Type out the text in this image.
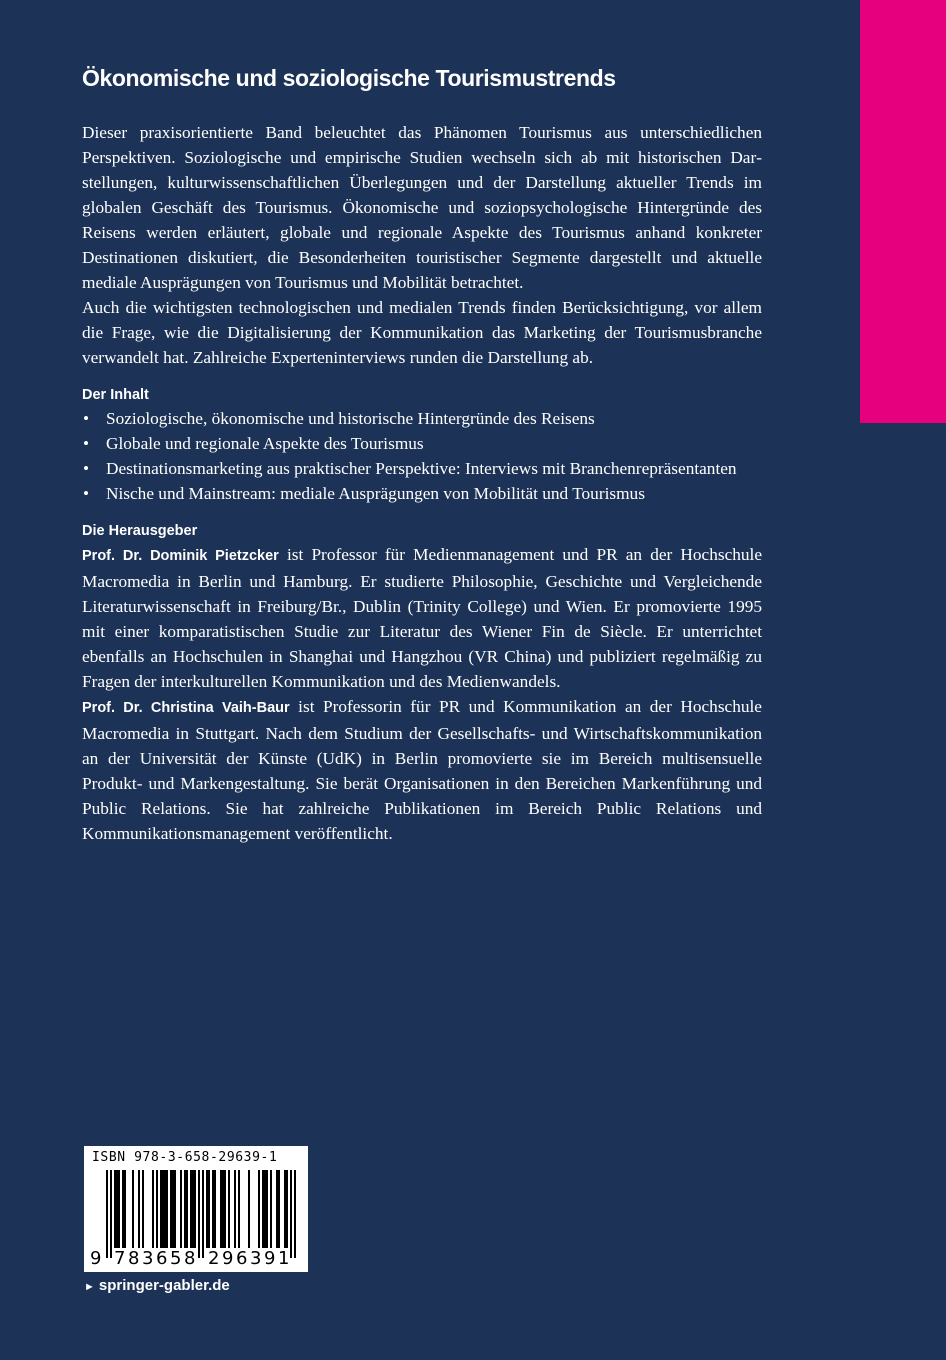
Ökonomische und soziologische Tourismustrends

Dieser praxisorientierte Band beleuchtet das Phänomen Tourismus aus unterschiedlichen Perspektiven. Soziologische und empirische Studien wechseln sich ab mit historischen Darstellungen, kulturwissenschaftlichen Überlegungen und der Darstellung aktueller Trends im globalen Geschäft des Tourismus. Ökonomische und soziopsychologische Hintergründe des Reisens werden erläutert, globale und regionale Aspekte des Tourismus anhand konkreter Destinationen diskutiert, die Besonderheiten touristischer Segmente dargestellt und aktuelle mediale Ausprägungen von Tourismus und Mobilität betrachtet.

Auch die wichtigsten technologischen und medialen Trends finden Berücksichtigung, vor allem die Frage, wie die Digitalisierung der Kommunikation das Marketing der Tourismusbranche verwandelt hat. Zahlreiche Experteninterviews runden die Darstellung ab.

Der Inhalt
• Soziologische, ökonomische und historische Hintergründe des Reisens
• Globale und regionale Aspekte des Tourismus
• Destinationsmarketing aus praktischer Perspektive: Interviews mit Branchenrepräsentanten
• Nische und Mainstream: mediale Ausprägungen von Mobilität und Tourismus
Die Herausgeber

Prof. Dr. Dominik Pietzcker ist Professor für Medienmanagement und PR an der Hochschule Macromedia in Berlin und Hamburg. Er studierte Philosophie, Geschichte und Vergleichende Literaturwissenschaft in Freiburg/Br., Dublin (Trinity College) und Wien. Er promovierte 1995 mit einer komparatistischen Studie zur Literatur des Wiener Fin de Siècle. Er unterrichtet ebenfalls an Hochschulen in Shanghai und Hangzhou (VR China) und publiziert regelmäßig zu Fragen der interkulturellen Kommunikation und des Medienwandels.

Prof. Dr. Christina Vaih-Baur ist Professorin für PR und Kommunikation an der Hochschule Macromedia in Stuttgart. Nach dem Studium der Gesellschafts- und Wirtschaftskommunikation an der Universität der Künste (UdK) in Berlin promovierte sie im Bereich multisensuelle Produkt- und Markengestaltung. Sie berät Organisationen in den Bereichen Markenführung und Public Relations. Sie hat zahlreiche Publikationen im Bereich Public Relations und Kommunikationsmanagement veröffentlicht.

ISBN 978-3-658-29639-1
9 7 8 3 6 5 8 2 9 6 3 9 1
► springer-gabler.de
